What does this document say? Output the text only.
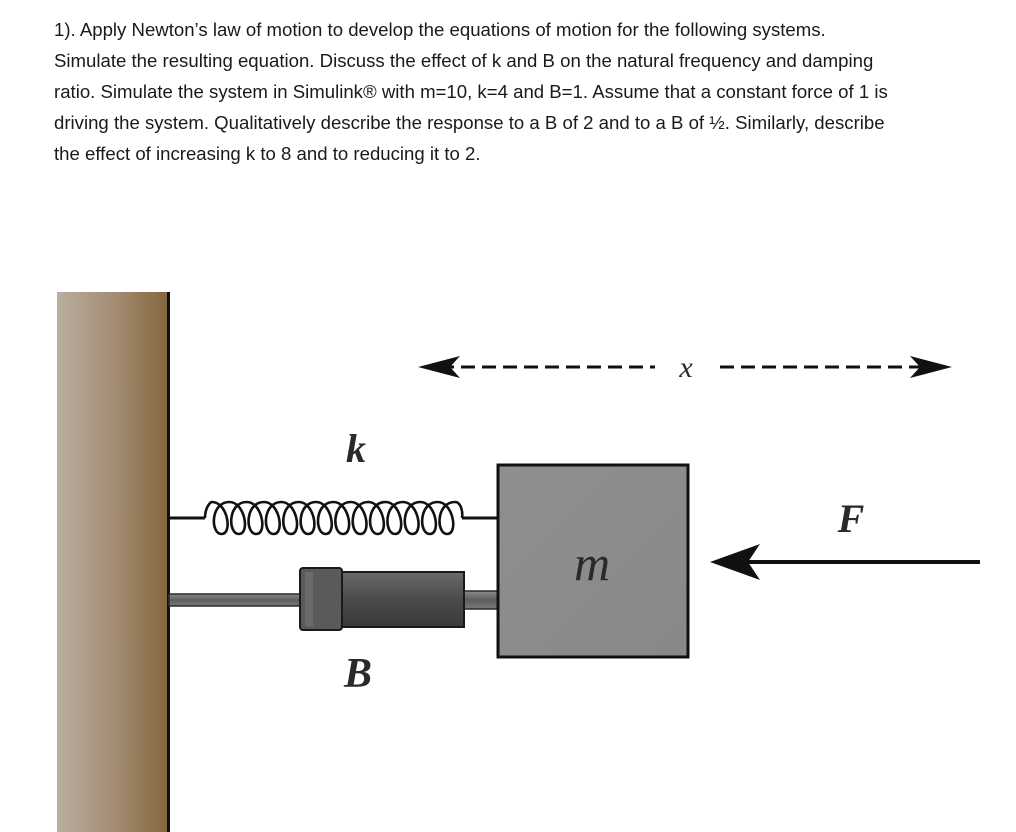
1). Apply Newton’s law of motion to develop the equations of motion for the following systems.
Simulate the resulting equation. Discuss the effect of k and B on the natural frequency and damping
ratio. Simulate the system in Simulink® with m=10, k=4 and B=1. Assume that a constant force of 1 is
driving the system. Qualitatively describe the response to a B of 2 and to a B of ½. Similarly, describe
the effect of increasing k to 8 and to reducing it to 2.
x
k
B
m
F
